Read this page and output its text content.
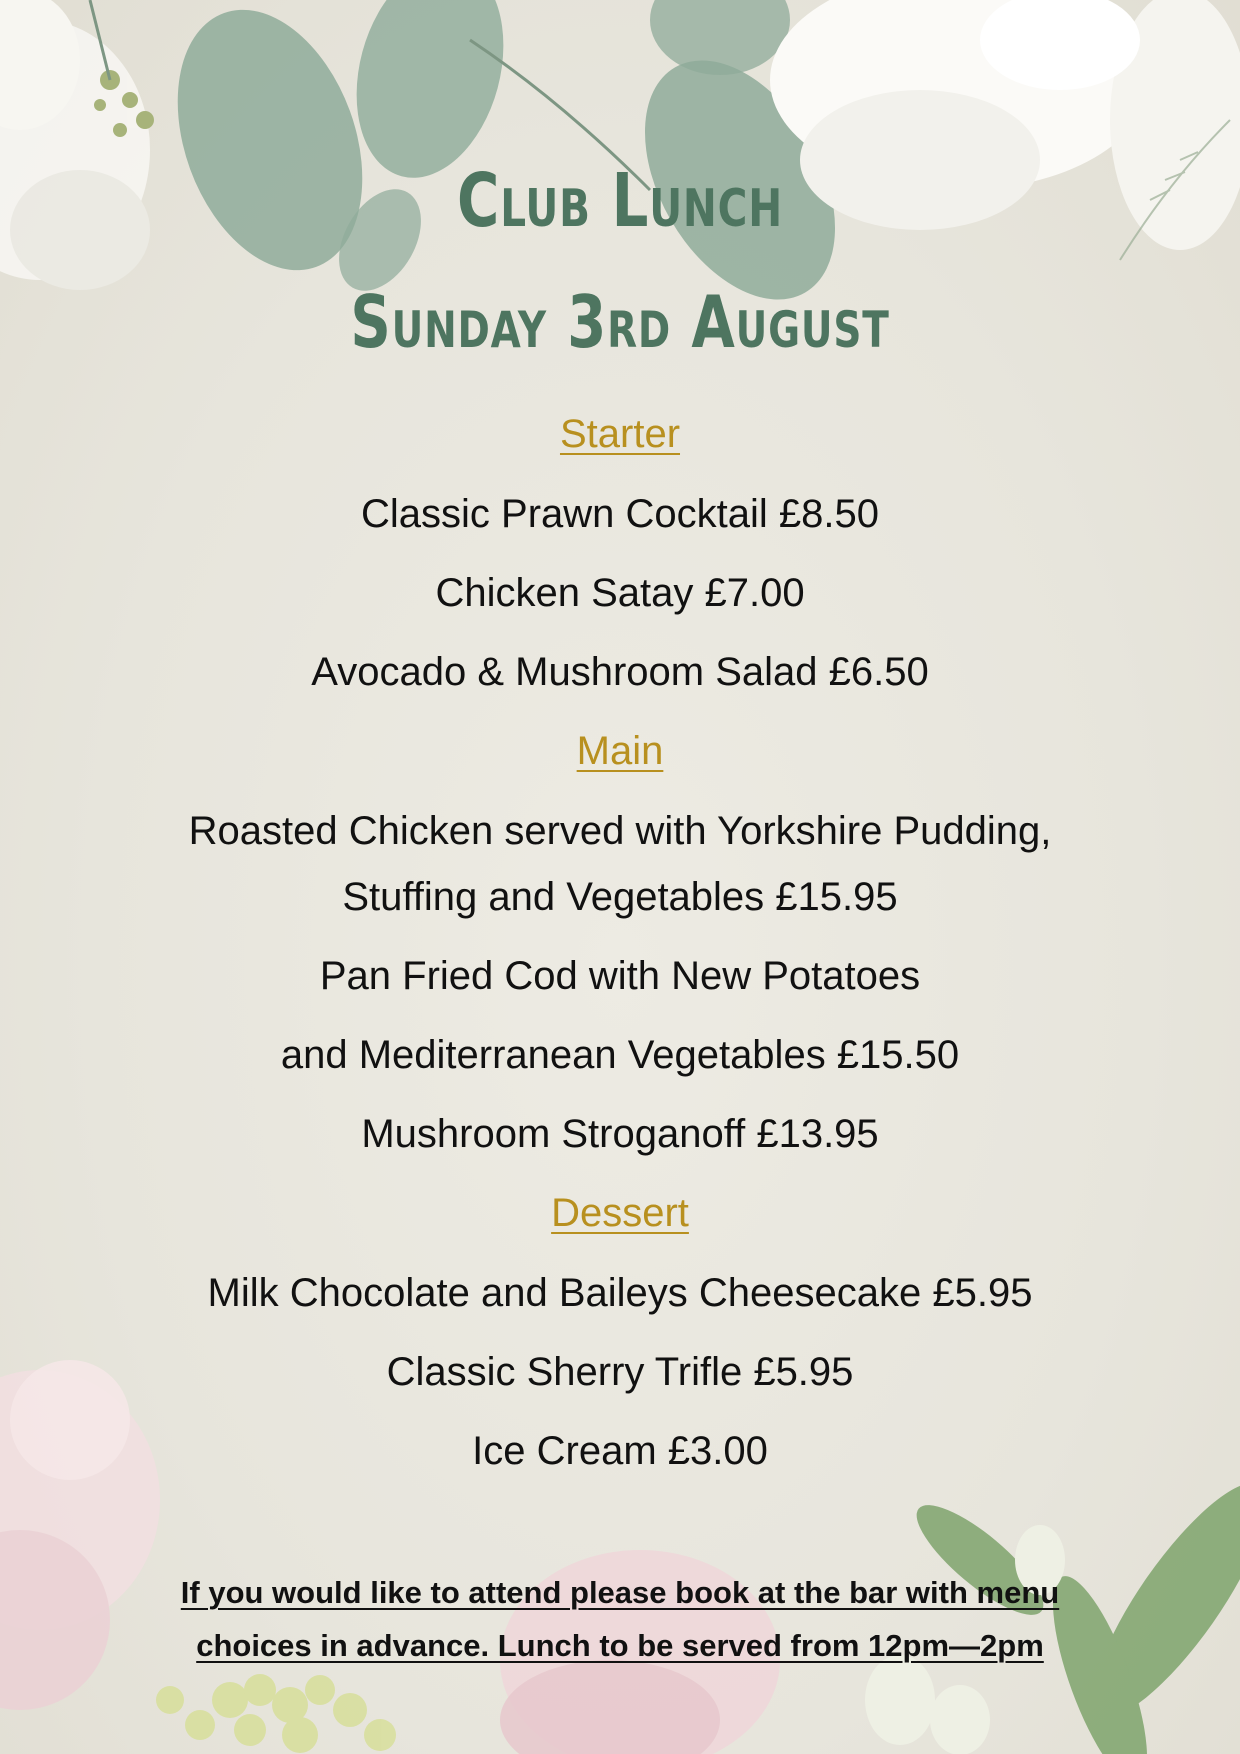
Club Lunch
Sunday 3rd August
Starter
Classic Prawn Cocktail £8.50
Chicken Satay £7.00
Avocado & Mushroom Salad £6.50
Main
Roasted Chicken served with Yorkshire Pudding,
Stuffing and Vegetables £15.95
Pan Fried Cod with New Potatoes
and Mediterranean Vegetables £15.50
Mushroom Stroganoff £13.95
Dessert
Milk Chocolate and Baileys Cheesecake £5.95
Classic Sherry Trifle £5.95
Ice Cream £3.00
If you would like to attend please book at the bar with menu
choices in advance. Lunch to be served from 12pm—2pm
